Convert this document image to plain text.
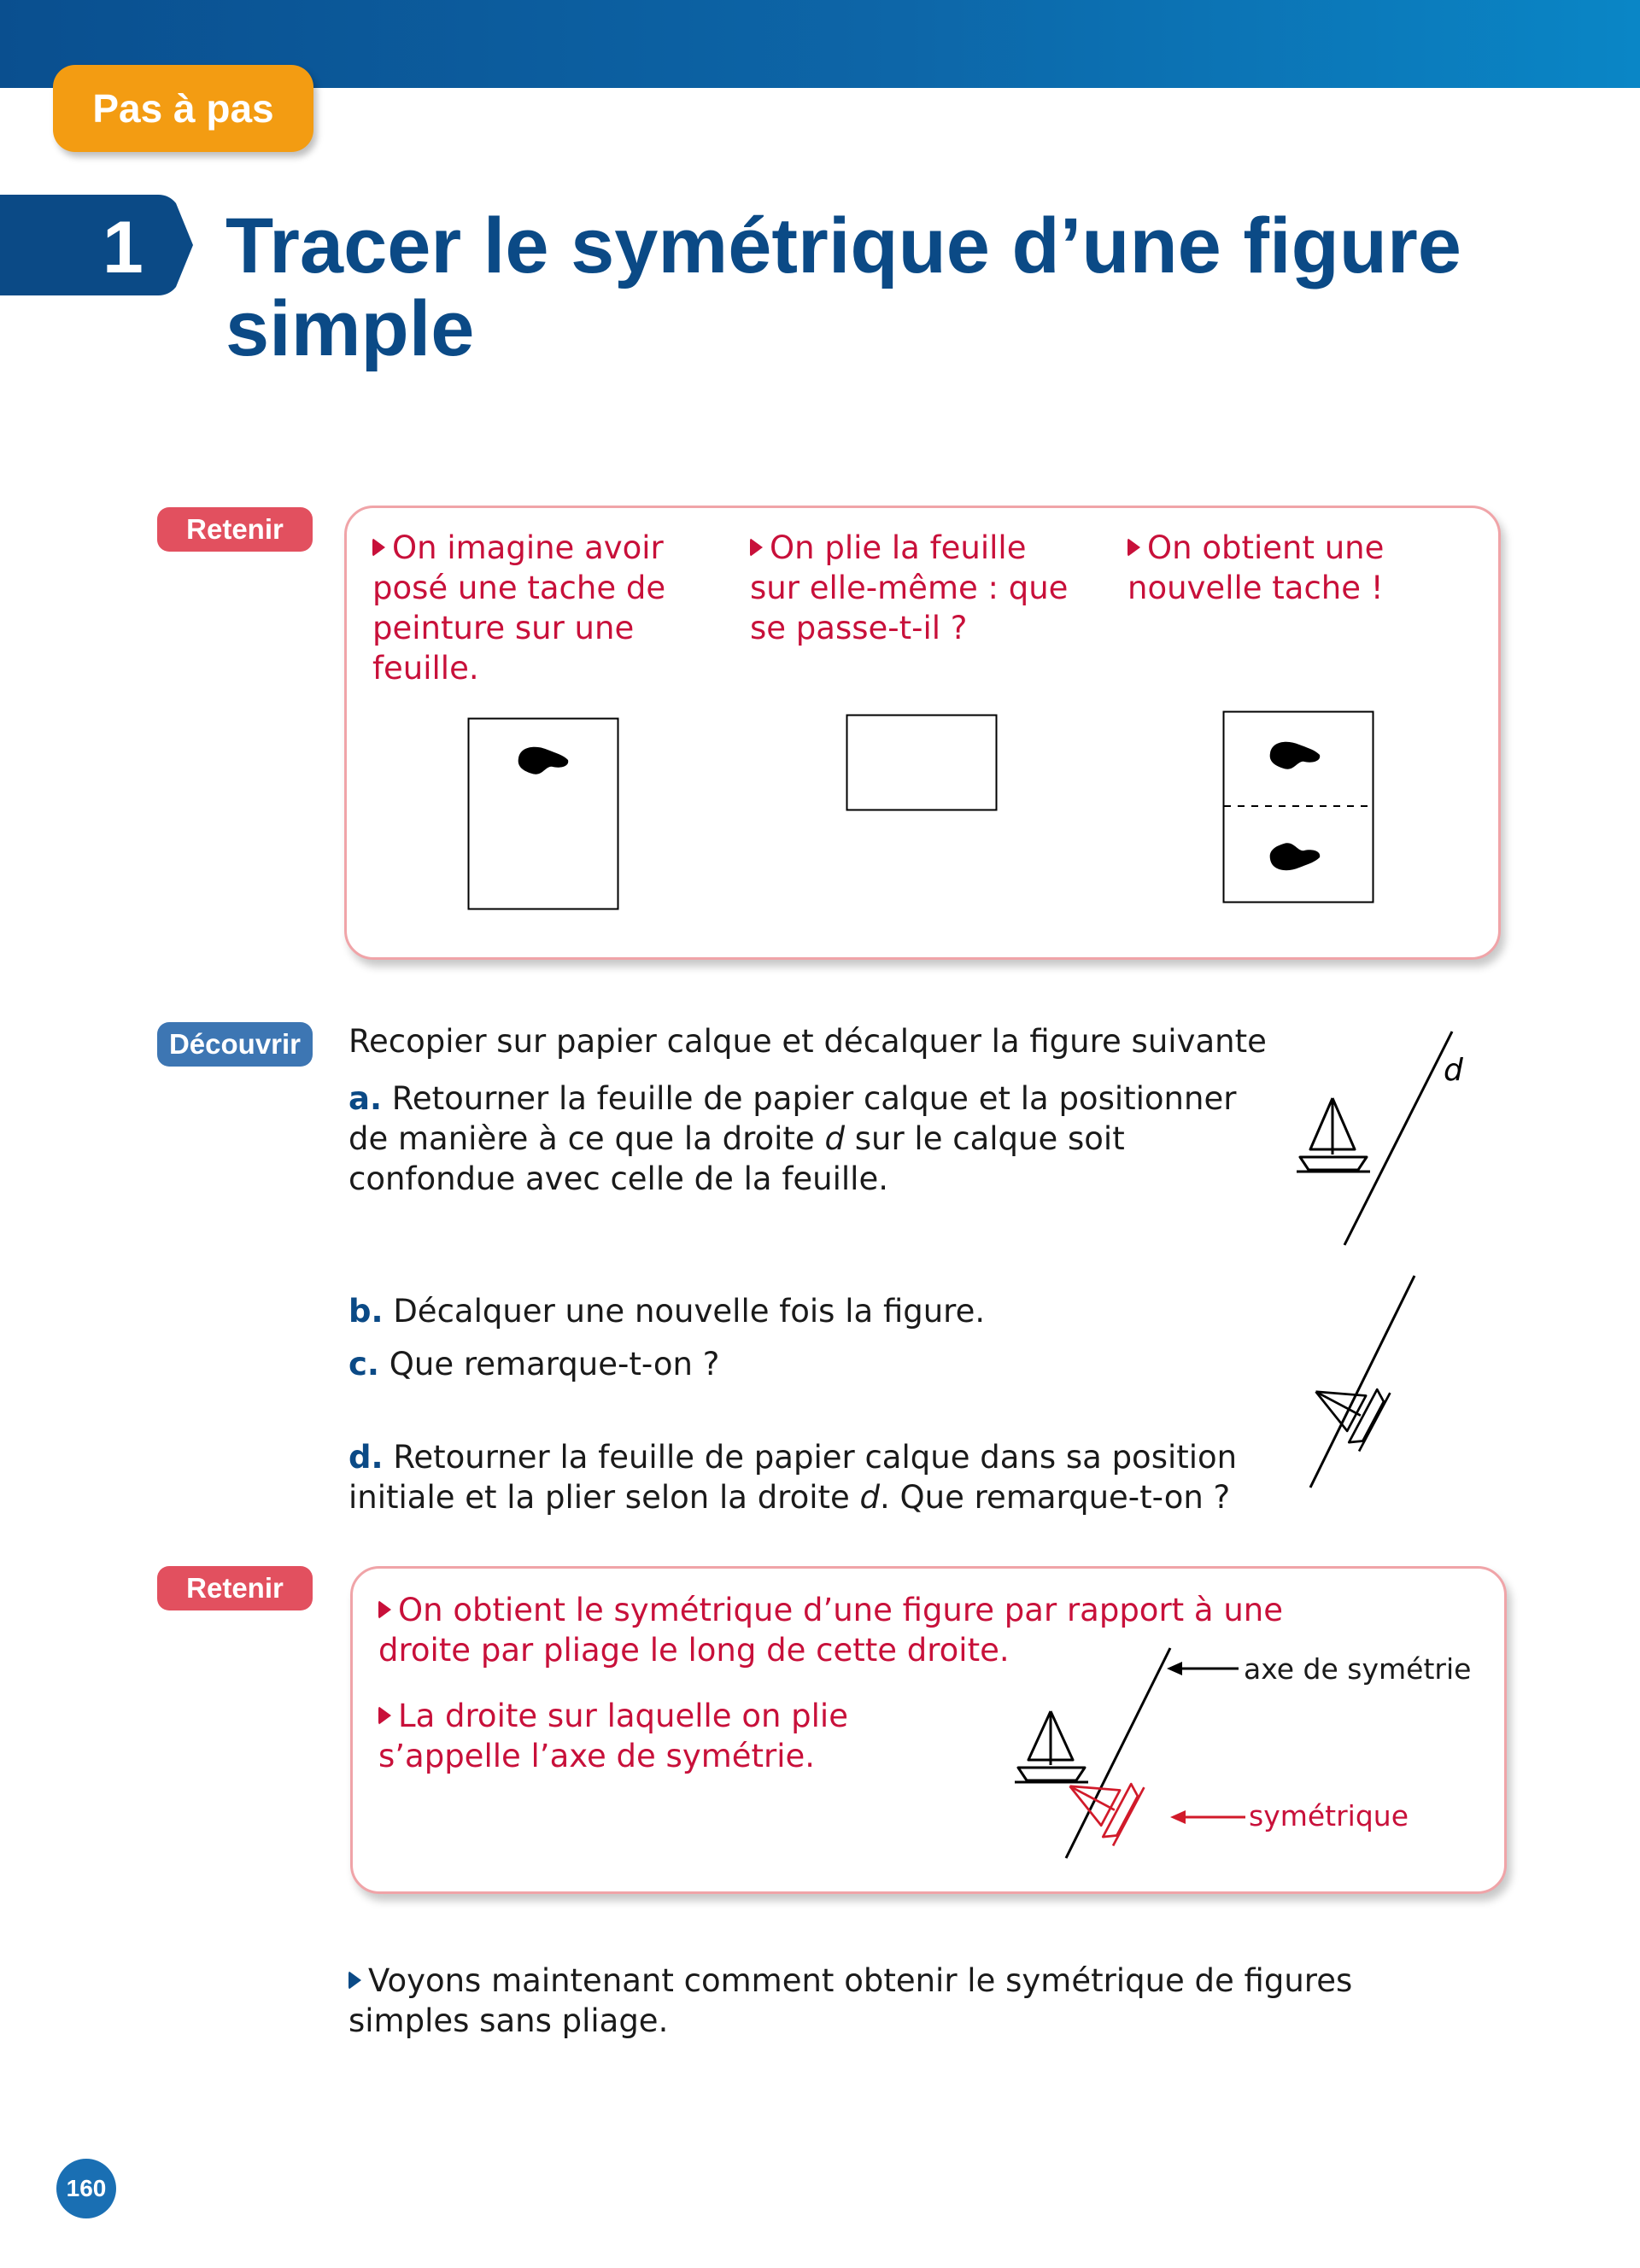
Pas à pas
1 Tracer le symétrique d’une figure simple
Retenir
On imagine avoir posé une tache de peinture sur une feuille.
On plie la feuille sur elle-même : que se passe-t-il ?
On obtient une nouvelle tache !
Découvrir	Recopier sur papier calque et décalquer la figure suivante
a. Retourner la feuille de papier calque et la positionner de manière à ce que la droite d sur le calque soit confondue avec celle de la feuille.
d
b. Décalquer une nouvelle fois la figure.
c. Que remarque-t-on ?
d. Retourner la feuille de papier calque dans sa position initiale et la plier selon la droite d. Que remarque-t-on ?
Retenir
On obtient le symétrique d’une figure par rapport à une droite par pliage le long de cette droite.
La droite sur laquelle on plie s’appelle l’axe de symétrie.
axe de symétrie
symétrique
Voyons maintenant comment obtenir le symétrique de figures simples sans pliage.
160
